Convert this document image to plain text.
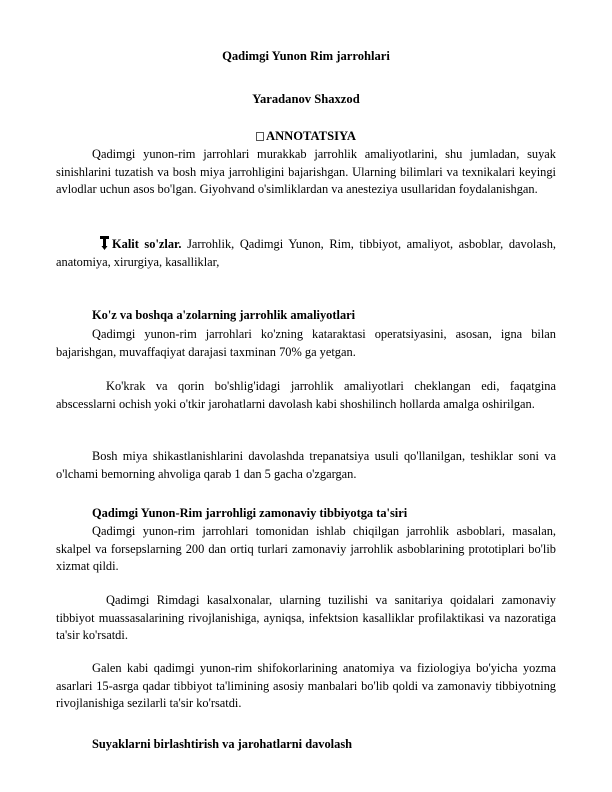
Qadimgi Yunon Rim jarrohlari
Yaradanov Shaxzod
ANNOTATSIYA

Qadimgi yunon-rim jarrohlari murakkab jarrohlik amaliyotlarini, shu jumladan, suyak sinishlarini tuzatish va bosh miya jarrohligini bajarishgan. Ularning bilimlari va texnikalari keyingi avlodlar uchun asos bo'lgan. Giyohvand o'simliklardan va anesteziya usullaridan foydalanishgan.

Kalit so'zlar. Jarrohlik, Qadimgi Yunon, Rim, tibbiyot, amaliyot, asboblar, davolash, anatomiya, xirurgiya, kasalliklar,

Ko'z va boshqa a'zolarning jarrohlik amaliyotlari

Qadimgi yunon-rim jarrohlari ko'zning kataraktasi operatsiyasini, asosan, igna bilan bajarishgan, muvaffaqiyat darajasi taxminan 70% ga yetgan.

Ko'krak va qorin bo'shlig'idagi jarrohlik amaliyotlari cheklangan edi, faqatgina abscesslarni ochish yoki o'tkir jarohatlarni davolash kabi shoshilinch hollarda amalga oshirilgan.

Bosh miya shikastlanishlarini davolashda trepanatsiya usuli qo'llanilgan, teshiklar soni va o'lchami bemorning ahvoliga qarab 1 dan 5 gacha o'zgargan.

Qadimgi Yunon-Rim jarrohligi zamonaviy tibbiyotga ta'siri

Qadimgi yunon-rim jarrohlari tomonidan ishlab chiqilgan jarrohlik asboblari, masalan, skalpel va forsepslarning 200 dan ortiq turlari zamonaviy jarrohlik asboblarining prototiplari bo'lib xizmat qildi.

Qadimgi Rimdagi kasalxonalar, ularning tuzilishi va sanitariya qoidalari zamonaviy tibbiyot muassasalarining rivojlanishiga, ayniqsa, infektsion kasalliklar profilaktikasi va nazoratiga ta'sir ko'rsatdi.

Galen kabi qadimgi yunon-rim shifokorlarining anatomiya va fiziologiya bo'yicha yozma asarlari 15-asrga qadar tibbiyot ta'limining asosiy manbalari bo'lib qoldi va zamonaviy tibbiyotning rivojlanishiga sezilarli ta'sir ko'rsatdi.

Suyaklarni birlashtirish va jarohatlarni davolash
